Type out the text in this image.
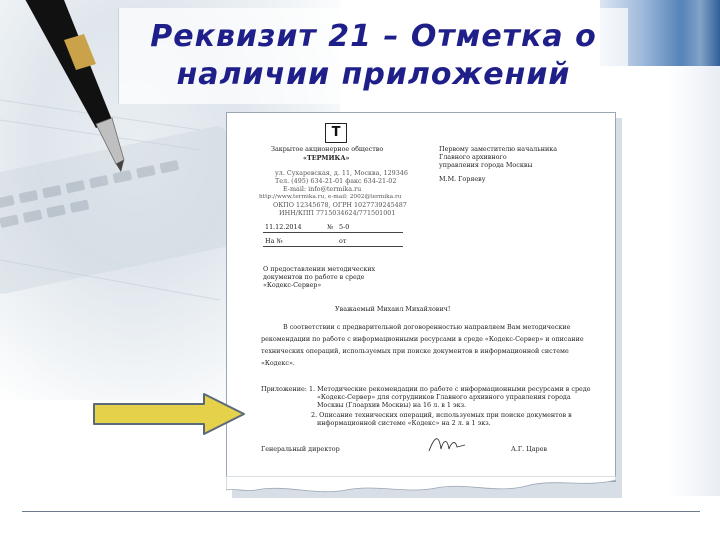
Реквизит 21 – Отметка о
наличии приложений
Т
Закрытое акционерное общество
«ТЕРМИКА»
ул. Сухаревская, д. 11, Москва, 129346
Тел. (495) 634-21-01 факс 634-21-02
E-mail: info@termika.ru
http://www.termika.ru, e-mail: 2002@termika.ru
ОКПО 12345678, ОГРН 1027739245487
ИНН/КПП 7715034624/771501001
11.12.2014	№ 5-0
На №	от
Первому заместителю начальника
Главного архивного
управления города Москвы
М.М. Горяеву
О предоставлении методических
документов по работе в среде
«Кодекс-Сервер»
Уважаемый Михаил Михайлович!
В соответствии с предварительной договоренностью направляем Вам методические
рекомендации по работе с информационными ресурсами в среде «Кодекс-Сервер» и описание
технических операций, используемых при поиске документов в информационной системе
«Кодекс».
Приложение: 1. Методические рекомендации по работе с информационными ресурсами в среде
«Кодекс-Сервер» для сотрудников Главного архивного управления города
Москвы (Глоархив Москвы) на 16 л. в 1 экз.
2. Описание технических операций, используемых при поиске документов в
информационной системе «Кодекс» на 2 л. в 1 экз.
Генеральный директор	А.Г. Царев
